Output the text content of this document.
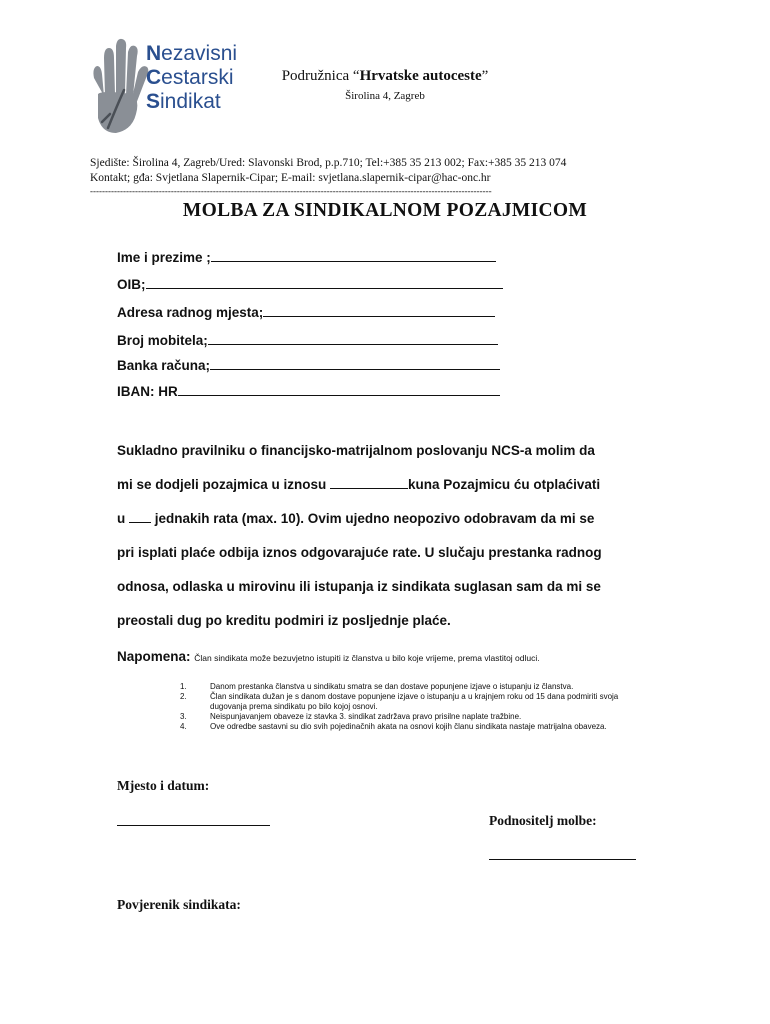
Nezavisni
Cestarski
Sindikat
Podružnica “Hrvatske autoceste”
Širolina 4, Zagreb
Sjedište: Širolina 4, Zagreb/Ured: Slavonski Brod, p.p.710; Tel:+385 35 213 002; Fax:+385 35 213 074
Kontakt; gđa: Svjetlana Slapernik-Cipar; E-mail: svjetlana.slapernik-cipar@hac-onc.hr
--------------------------------------------------------------------------------------------------------------------------------------
MOLBA ZA SINDIKALNOM POZAJMICOM
Ime i prezime ;
OIB;
Adresa radnog mjesta;
Broj mobitela;
Banka računa;
IBAN: HR
Sukladno pravilniku o financijsko-matrijalnom poslovanju NCS-a molim da
mi se dodjeli pozajmica u iznosu	kuna Pozajmicu ću otplaćivati
u  jednakih rata (max. 10). Ovim ujedno neopozivo odobravam da mi se
pri isplati plaće odbija iznos odgovarajuće rate. U slučaju prestanka radnog
odnosa, odlaska u mirovinu ili istupanja iz sindikata suglasan sam da mi se
preostali dug po kreditu podmiri iz posljednje plaće.
Napomena: Član sindikata može bezuvjetno istupiti iz članstva u bilo koje vrijeme, prema vlastitoj odluci.
1.	Danom prestanka članstva u sindikatu smatra se dan dostave popunjene izjave o istupanju iz članstva.
2.	Član sindikata dužan je s danom dostave popunjene izjave o istupanju a u krajnjem roku od 15 dana podmiriti svoja dugovanja prema sindikatu po bilo kojoj osnovi.
3.	Neispunjavanjem obaveze iz stavka 3. sindikat zadržava pravo prisilne naplate tražbine.
4.	Ove odredbe sastavni su dio svih pojedinačnih akata na osnovi kojih članu sindikata nastaje matrijalna obaveza.
Mjesto i datum:
Podnositelj molbe:
Povjerenik sindikata:
